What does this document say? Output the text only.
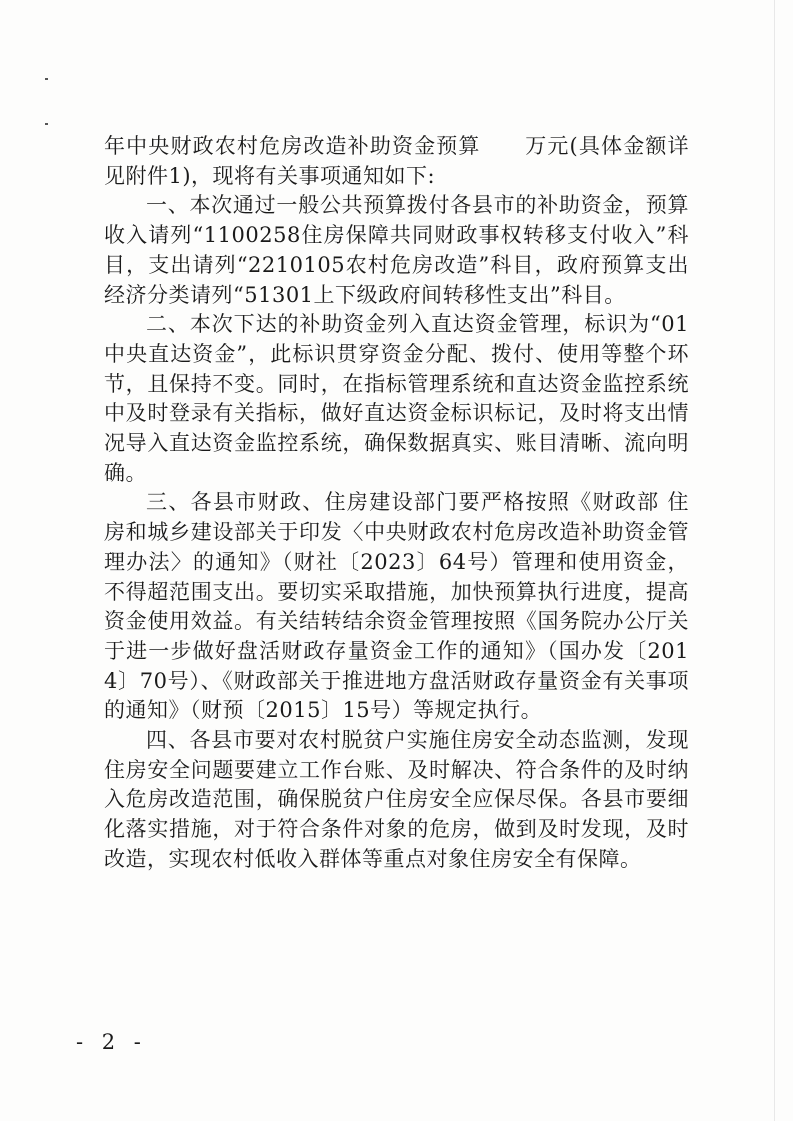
年中央财政农村危房改造补助资金预算 万元(具体金额详见附件1)，现将有关事项通知如下:

一、本次通过一般公共预算拨付各县市的补助资金，预算收入请列“1100258住房保障共同财政事权转移支付收入”科目，支出请列“2210105农村危房改造”科目，政府预算支出经济分类请列“51301上下级政府间转移性支出”科目。

二、本次下达的补助资金列入直达资金管理，标识为“01中央直达资金”，此标识贯穿资金分配、拨付、使用等整个环节，且保持不变。同时，在指标管理系统和直达资金监控系统中及时登录有关指标，做好直达资金标识标记，及时将支出情况导入直达资金监控系统，确保数据真实、账目清晰、流向明确。

三、各县市财政、住房建设部门要严格按照《财政部 住房和城乡建设部关于印发〈中央财政农村危房改造补助资金管理办法〉的通知》（财社〔2023〕64号）管理和使用资金，不得超范围支出。要切实采取措施，加快预算执行进度，提高资金使用效益。有关结转结余资金管理按照《国务院办公厅关于进一步做好盘活财政存量资金工作的通知》（国办发〔2014〕70号）、《财政部关于推进地方盘活财政存量资金有关事项的通知》（财预〔2015〕15号）等规定执行。

四、各县市要对农村脱贫户实施住房安全动态监测，发现住房安全问题要建立工作台账、及时解决、符合条件的及时纳入危房改造范围，确保脱贫户住房安全应保尽保。各县市要细化落实措施，对于符合条件对象的危房，做到及时发现，及时改造，实现农村低收入群体等重点对象住房安全有保障。

- 2 -
